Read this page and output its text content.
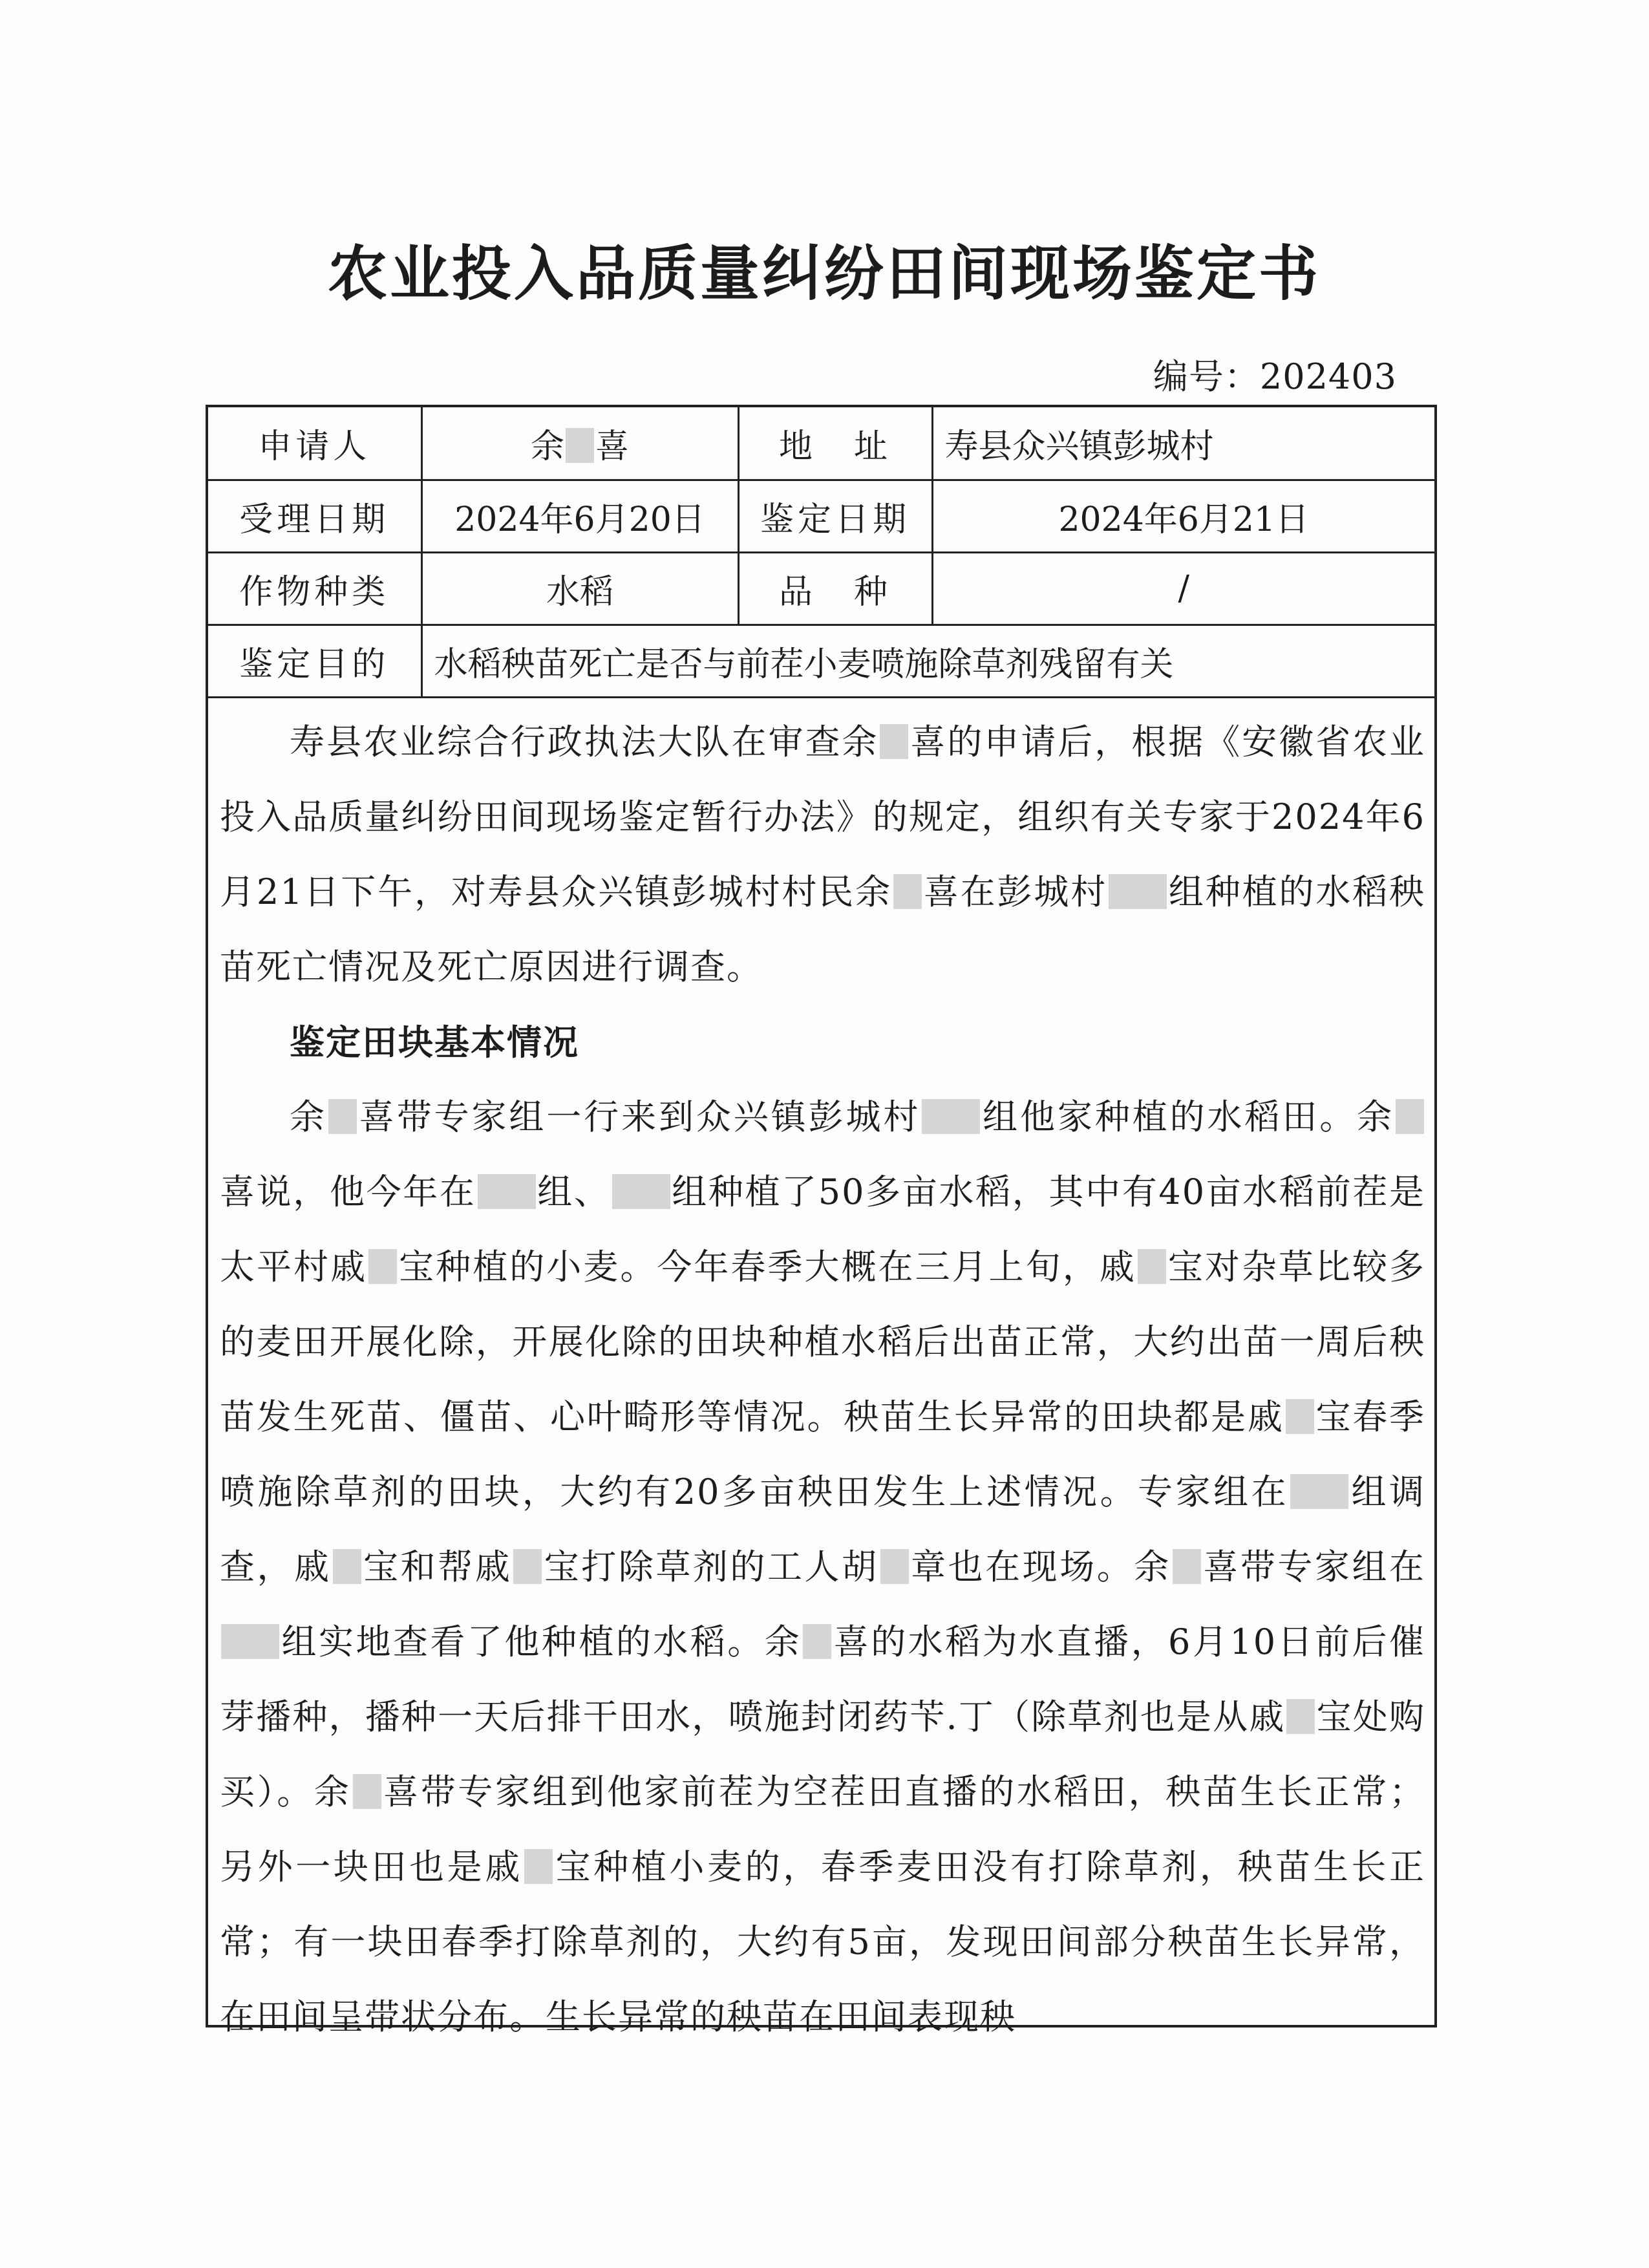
农业投入品质量纠纷田间现场鉴定书
编号：202403
申请人	余 喜	地　址	寿县众兴镇彭城村
受理日期	2024年6月20日	鉴定日期	2024年6月21日
作物种类	水稻	品　种	/
鉴定目的	水稻秧苗死亡是否与前茬小麦喷施除草剂残留有关		

寿县农业综合行政执法大队在审查余 喜的申请后，根据《安徽省农业投入品质量纠纷田间现场鉴定暂行办法》的规定，组织有关专家于2024年6月21日下午，对寿县众兴镇彭城村村民余 喜在彭城村 组种植的水稻秧苗死亡情况及死亡原因进行调查。

鉴定田块基本情况

余 喜带专家组一行来到众兴镇彭城村 组他家种植的水稻田。余喜说，他今年在 组、 组种植了50多亩水稻，其中有40亩水稻前茬是太平村戚 宝种植的小麦。今年春季大概在三月上旬，戚 宝对杂草比较多的麦田开展化除，开展化除的田块种植水稻后出苗正常，大约出苗一周后秧苗发生死苗、僵苗、心叶畸形等情况。秧苗生长异常的田块都是戚 宝春季喷施除草剂的田块，大约有20多亩秧田发生上述情况。专家组在 组调查，戚 宝和帮戚 宝打除草剂的工人胡 章也在现场。余 喜带专家组在组实地查看了他种植的水稻。余 喜的水稻为水直播，6月10日前后催芽播种，播种一天后排干田水，喷施封闭药苄.丁（除草剂也是从戚 宝处购买）。余 喜带专家组到他家前茬为空茬田直播的水稻田，秧苗生长正常；另外一块田也是戚 宝种植小麦的，春季麦田没有打除草剂，秧苗生长正常；有一块田春季打除草剂的，大约有5亩，发现田间部分秧苗生长异常，在田间呈带状分布。生长异常的秧苗在田间表现秧
